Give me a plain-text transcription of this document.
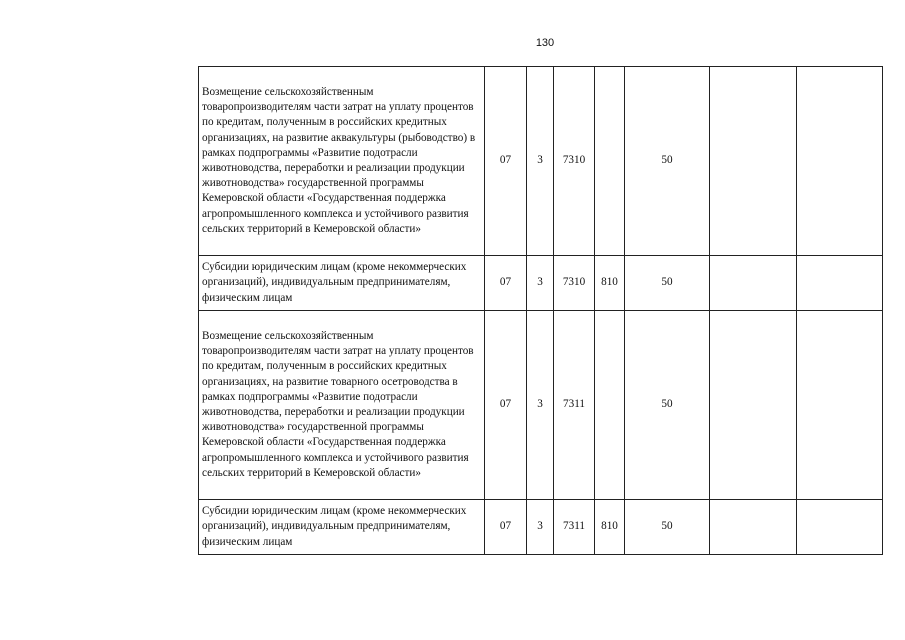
130
Возмещение сельскохозяйственным товаропроизводителям части затрат на уплату процентов по кредитам, полученным в российских кредитных организациях, на развитие аквакультуры (рыбоводство) в рамках подпрограммы «Развитие подотрасли животноводства, переработки и реализации продукции животноводства» государственной программы Кемеровской области «Государственная поддержка агропромышленного комплекса и устойчивого развития сельских территорий в Кемеровской области»	07	3	7310		50		
Субсидии юридическим лицам (кроме некоммерческих организаций), индивидуальным предпринимателям, физическим лицам	07	3	7310	810	50		
Возмещение сельскохозяйственным товаропроизводителям части затрат на уплату процентов по кредитам, полученным в российских кредитных организациях, на развитие товарного осетроводства в рамках подпрограммы «Развитие подотрасли животноводства, переработки и реализации продукции животноводства» государственной программы Кемеровской области «Государственная поддержка агропромышленного комплекса и устойчивого развития сельских территорий в Кемеровской области»	07	3	7311		50		
Субсидии юридическим лицам (кроме некоммерческих организаций), индивидуальным предпринимателям, физическим лицам	07	3	7311	810	50		
